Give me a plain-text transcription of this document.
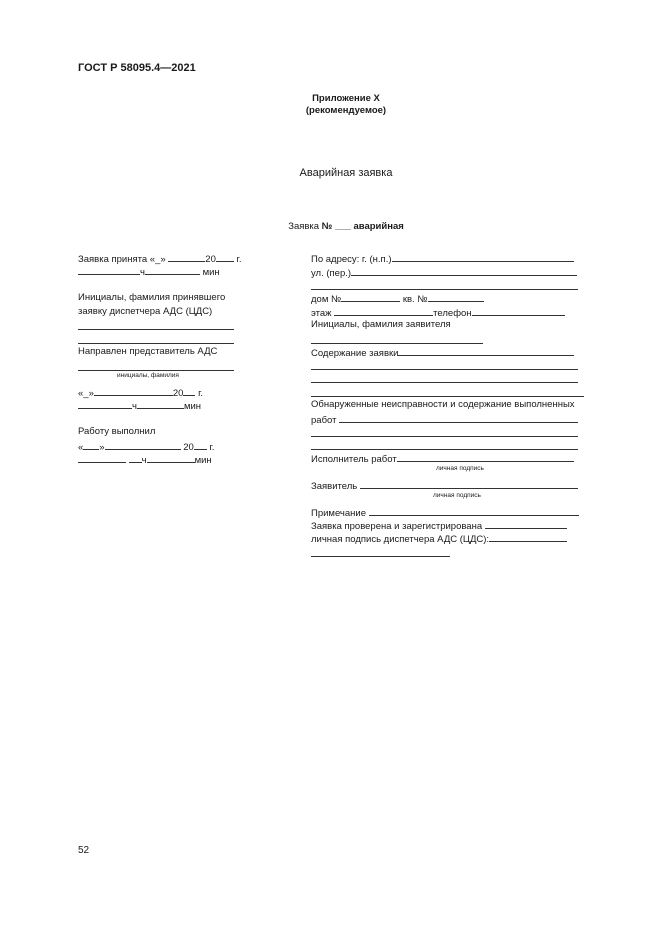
ГОСТ Р 58095.4—2021
Приложение Х
(рекомендуемое)
Аварийная заявка
Заявка № ___ аварийная
Заявка принята «_»	20 г.
ч	мин
Инициалы, фамилия принявшего
заявку диспетчера АДС (ЦДС)
Направлен представитель АДС
инициалы, фамилия
«_»	20 г.
ч	мин
Работу выполнил
« »	20 г.
ч	мин
По адресу: г. (н.п.)
ул. (пер.)
дом №	кв. №
этаж	телефон
Инициалы, фамилия заявителя
Содержание заявки
Обнаруженные неисправности и содержание выполненных
работ
Исполнитель работ
личная подпись
Заявитель
личная подпись
Примечание
Заявка проверена и зарегистрирована
личная подпись диспетчера АДС (ЦДС):
52
